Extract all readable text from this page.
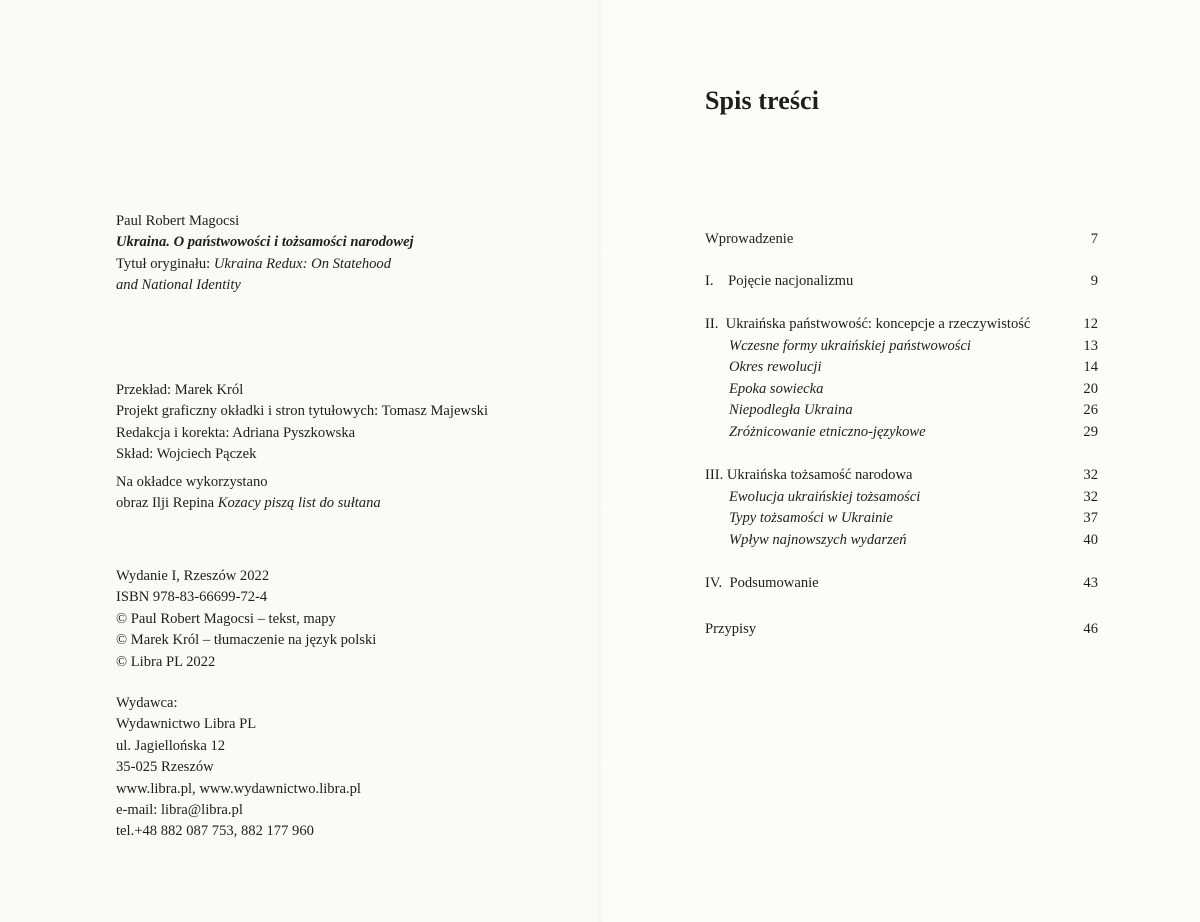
Paul Robert Magocsi
Ukraina. O państwowości i tożsamości narodowej
Tytuł oryginału: Ukraina Redux: On Statehood
and National Identity
Przekład: Marek Król
Projekt graficzny okładki i stron tytułowych: Tomasz Majewski
Redakcja i korekta: Adriana Pyszkowska
Skład: Wojciech Pączek
Na okładce wykorzystano
obraz Ilji Repina Kozacy piszą list do sułtana
Wydanie I, Rzeszów 2022
ISBN 978-83-66699-72-4
© Paul Robert Magocsi – tekst, mapy
© Marek Król – tłumaczenie na język polski
© Libra PL 2022
Wydawca:
Wydawnictwo Libra PL
ul. Jagiellońska 12
35-025 Rzeszów
www.libra.pl, www.wydawnictwo.libra.pl
e-mail: libra@libra.pl
tel.+48 882 087 753, 882 177 960
Spis treści
Wprowadzenie	7
I. Pojęcie nacjonalizmu	9
II. Ukraińska państwowość: koncepcje a rzeczywistość	12
Wczesne formy ukraińskiej państwowości	13
Okres rewolucji	14
Epoka sowiecka	20
Niepodległa Ukraina	26
Zróżnicowanie etniczno-językowe	29
III. Ukraińska tożsamość narodowa	32
Ewolucja ukraińskiej tożsamości	32
Typy tożsamości w Ukrainie	37
Wpływ najnowszych wydarzeń	40
IV. Podsumowanie	43
Przypisy	46
